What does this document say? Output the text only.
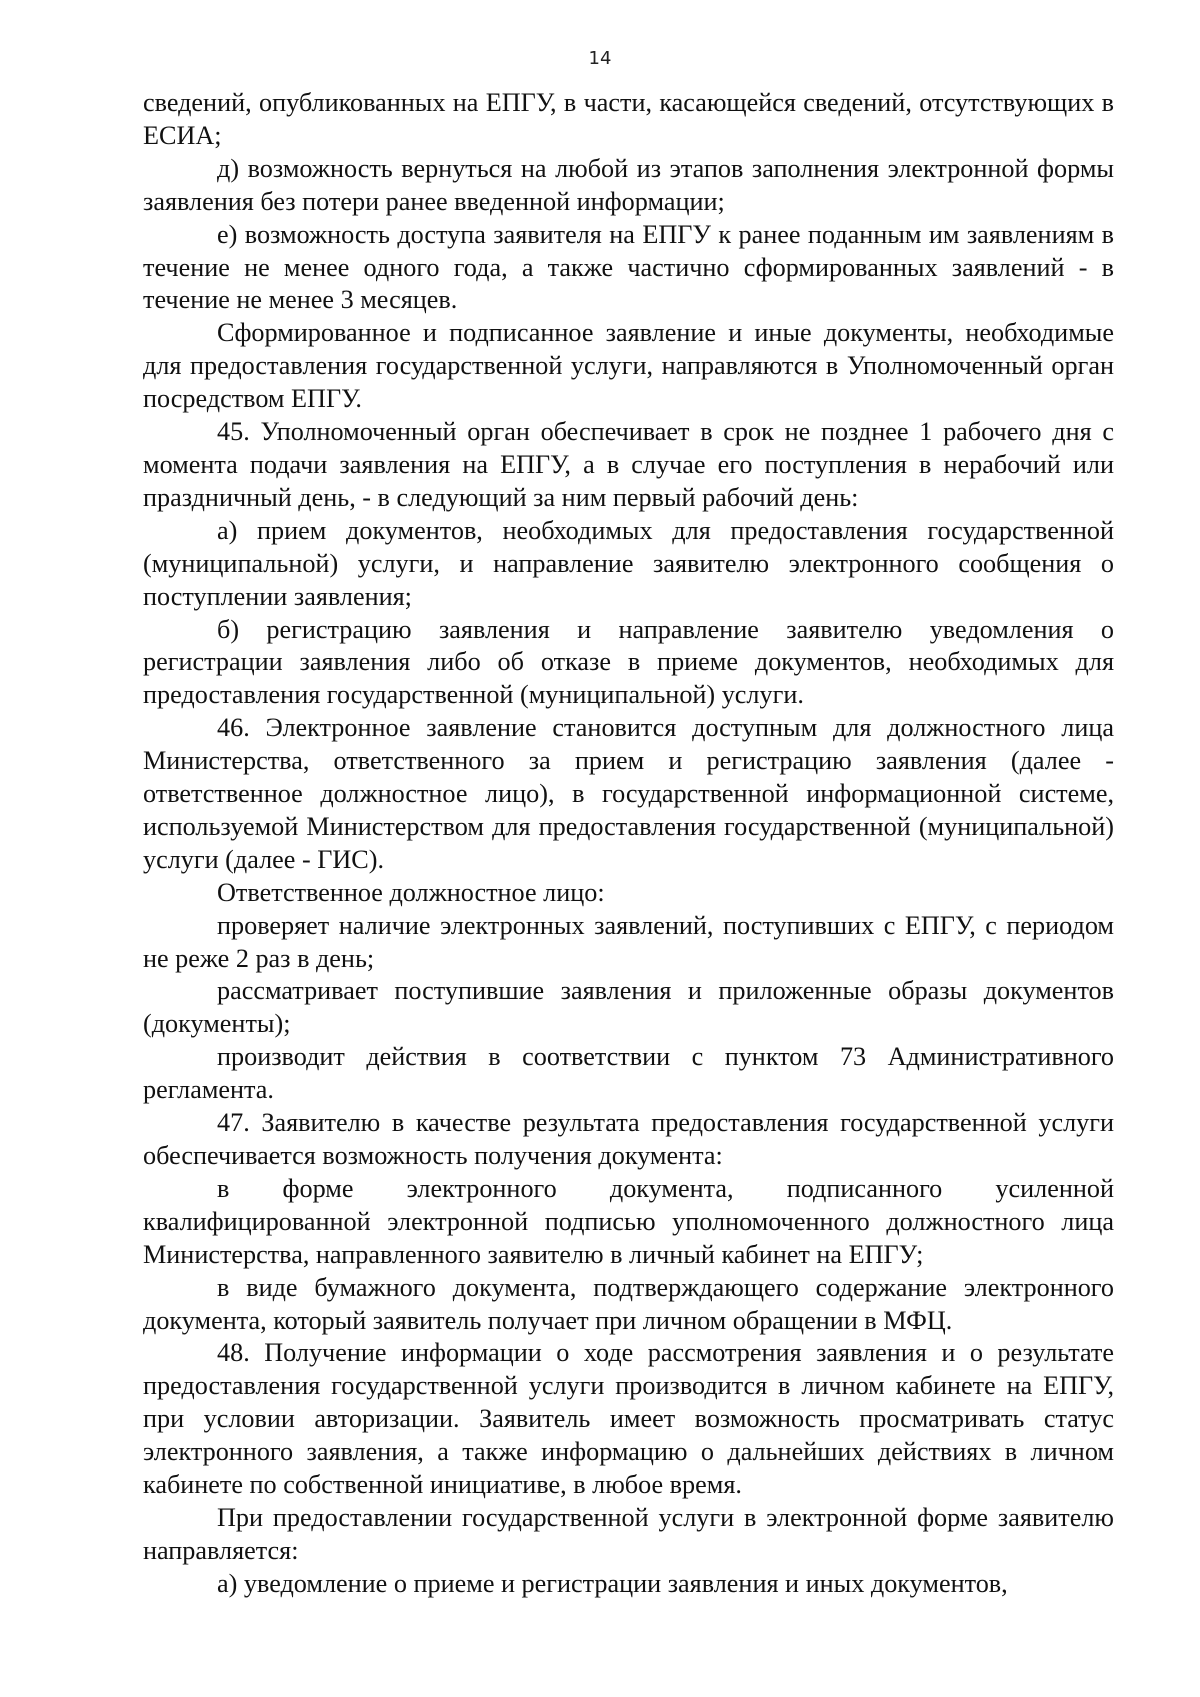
14

сведений, опубликованных на ЕПГУ, в части, касающейся сведений, отсутствующих в ЕСИА;

д) возможность вернуться на любой из этапов заполнения электронной формы заявления без потери ранее введенной информации;

е) возможность доступа заявителя на ЕПГУ к ранее поданным им заявлениям в течение не менее одного года, а также частично сформированных заявлений - в течение не менее 3 месяцев.

Сформированное и подписанное заявление и иные документы, необходимые для предоставления государственной услуги, направляются в Уполномоченный орган посредством ЕПГУ.

45. Уполномоченный орган обеспечивает в срок не позднее 1 рабочего дня с момента подачи заявления на ЕПГУ, а в случае его поступления в нерабочий или праздничный день, - в следующий за ним первый рабочий день:

а) прием документов, необходимых для предоставления государственной (муниципальной) услуги, и направление заявителю электронного сообщения о поступлении заявления;

б) регистрацию заявления и направление заявителю уведомления о регистрации заявления либо об отказе в приеме документов, необходимых для предоставления государственной (муниципальной) услуги.

46. Электронное заявление становится доступным для должностного лица Министерства, ответственного за прием и регистрацию заявления (далее - ответственное должностное лицо), в государственной информационной системе, используемой Министерством для предоставления государственной (муниципальной) услуги (далее - ГИС).

Ответственное должностное лицо:

проверяет наличие электронных заявлений, поступивших с ЕПГУ, с периодом не реже 2 раз в день;

рассматривает поступившие заявления и приложенные образы документов (документы);

производит действия в соответствии с пунктом 73 Административного регламента.

47. Заявителю в качестве результата предоставления государственной услуги обеспечивается возможность получения документа:

в форме электронного документа, подписанного усиленной квалифицированной электронной подписью уполномоченного должностного лица Министерства, направленного заявителю в личный кабинет на ЕПГУ;

в виде бумажного документа, подтверждающего содержание электронного документа, который заявитель получает при личном обращении в МФЦ.

48. Получение информации о ходе рассмотрения заявления и о результате предоставления государственной услуги производится в личном кабинете на ЕПГУ, при условии авторизации. Заявитель имеет возможность просматривать статус электронного заявления, а также информацию о дальнейших действиях в личном кабинете по собственной инициативе, в любое время.

При предоставлении государственной услуги в электронной форме заявителю направляется:

а) уведомление о приеме и регистрации заявления и иных документов,
